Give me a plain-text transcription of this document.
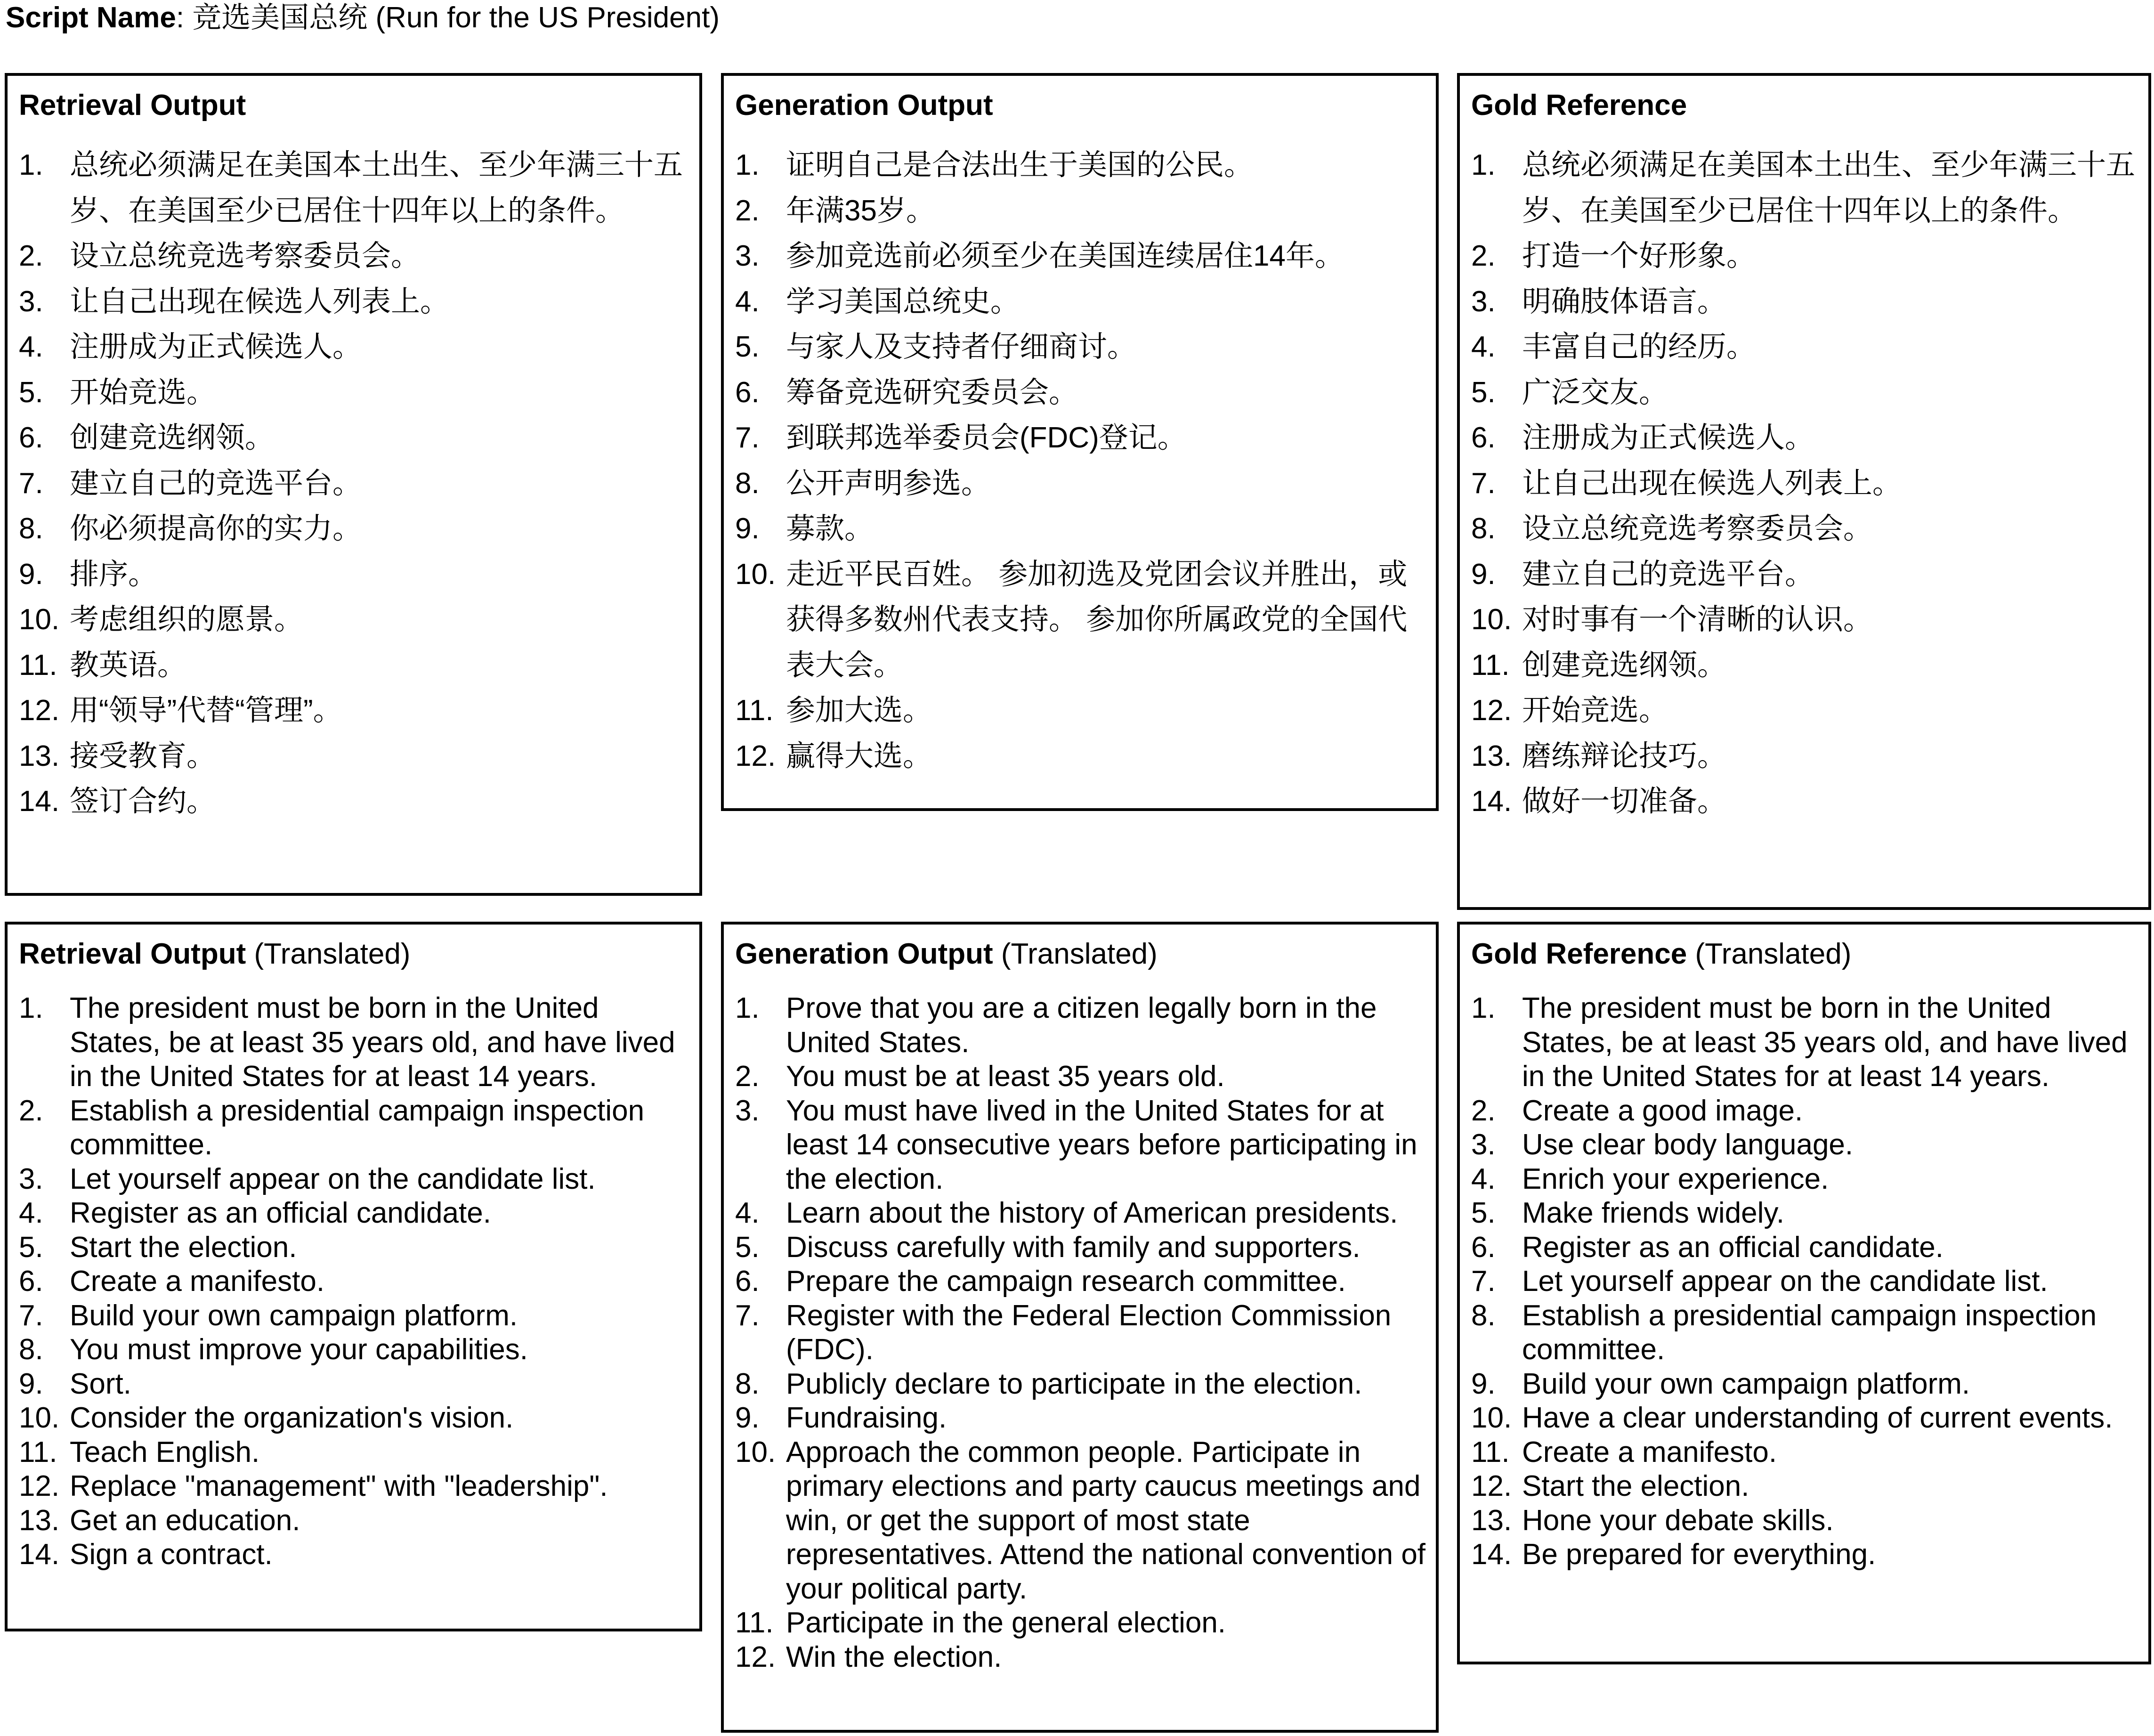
Script Name: 竞选美国总统 (Run for the US President)
Retrieval Output
1. 总统必须满足在美国本土出生、至少年满三十五岁、在美国至少已居住十四年以上的条件。
2. 设立总统竞选考察委员会。
3. 让自己出现在候选人列表上。
4. 注册成为正式候选人。
5. 开始竞选。
6. 创建竞选纲领。
7. 建立自己的竞选平台。
8. 你必须提高你的实力。
9. 排序。
10. 考虑组织的愿景。
11. 教英语。
12. 用“领导”代替“管理”。
13. 接受教育。
14. 签订合约。
Generation Output
1. 证明自己是合法出生于美国的公民。
2. 年满35岁。
3. 参加竞选前必须至少在美国连续居住14年。
4. 学习美国总统史。
5. 与家人及支持者仔细商讨。
6. 筹备竞选研究委员会。
7. 到联邦选举委员会(FDC)登记。
8. 公开声明参选。
9. 募款。
10. 走近平民百姓。 参加初选及党团会议并胜出，或获得多数州代表支持。 参加你所属政党的全国代表大会。
11. 参加大选。
12. 赢得大选。
Gold Reference
1. 总统必须满足在美国本土出生、至少年满三十五岁、在美国至少已居住十四年以上的条件。
2. 打造一个好形象。
3. 明确肢体语言。
4. 丰富自己的经历。
5. 广泛交友。
6. 注册成为正式候选人。
7. 让自己出现在候选人列表上。
8. 设立总统竞选考察委员会。
9. 建立自己的竞选平台。
10. 对时事有一个清晰的认识。
11. 创建竞选纲领。
12. 开始竞选。
13. 磨练辩论技巧。
14. 做好一切准备。
Retrieval Output (Translated)
1. The president must be born in the United States, be at least 35 years old, and have lived in the United States for at least 14 years.
2. Establish a presidential campaign inspection committee.
3. Let yourself appear on the candidate list.
4. Register as an official candidate.
5. Start the election.
6. Create a manifesto.
7. Build your own campaign platform.
8. You must improve your capabilities.
9. Sort.
10. Consider the organization's vision.
11. Teach English.
12. Replace "management" with "leadership".
13. Get an education.
14. Sign a contract.
Generation Output (Translated)
1. Prove that you are a citizen legally born in the United States.
2. You must be at least 35 years old.
3. You must have lived in the United States for at least 14 consecutive years before participating in the election.
4. Learn about the history of American presidents.
5. Discuss carefully with family and supporters.
6. Prepare the campaign research committee.
7. Register with the Federal Election Commission (FDC).
8. Publicly declare to participate in the election.
9. Fundraising.
10. Approach the common people. Participate in primary elections and party caucus meetings and win, or get the support of most state representatives. Attend the national convention of your political party.
11. Participate in the general election.
12. Win the election.
Gold Reference (Translated)
1. The president must be born in the United States, be at least 35 years old, and have lived in the United States for at least 14 years.
2. Create a good image.
3. Use clear body language.
4. Enrich your experience.
5. Make friends widely.
6. Register as an official candidate.
7. Let yourself appear on the candidate list.
8. Establish a presidential campaign inspection committee.
9. Build your own campaign platform.
10. Have a clear understanding of current events.
11. Create a manifesto.
12. Start the election.
13. Hone your debate skills.
14. Be prepared for everything.
